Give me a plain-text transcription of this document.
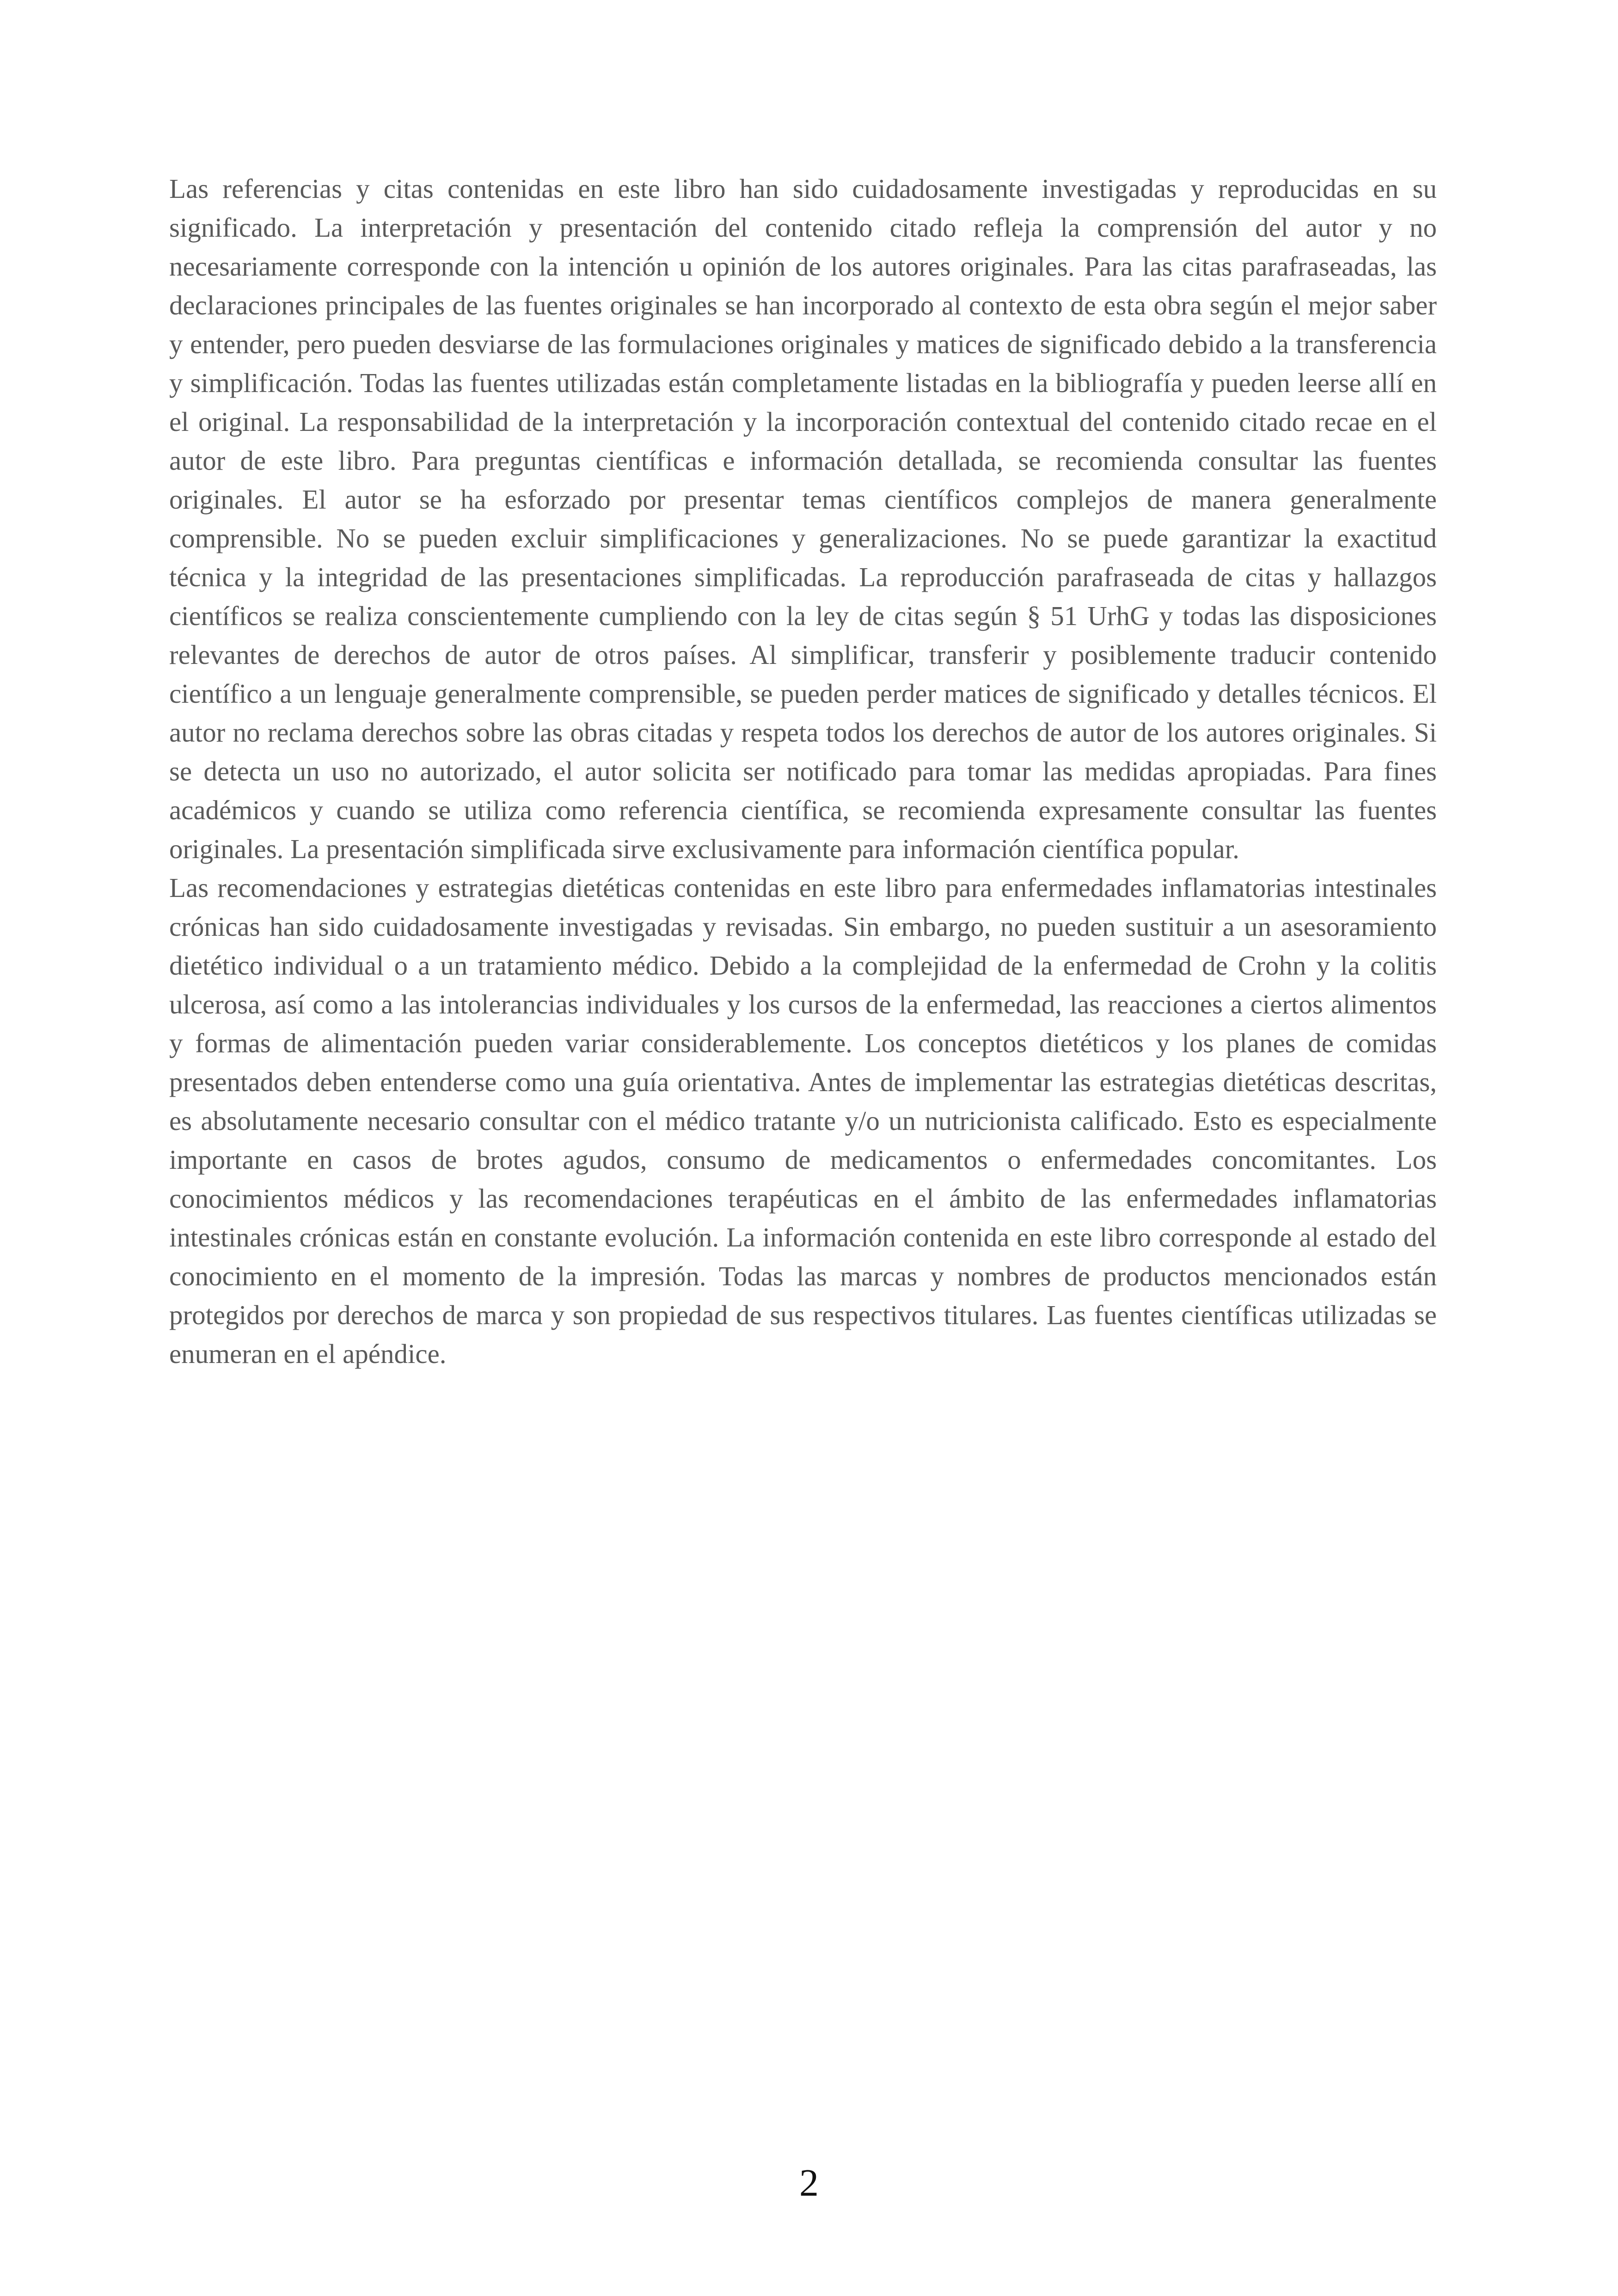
Las referencias y citas contenidas en este libro han sido cuidadosamente investigadas y reproducidas en su significado. La interpretación y presentación del contenido citado refleja la comprensión del autor y no necesariamente corresponde con la intención u opinión de los autores originales. Para las citas parafraseadas, las declaraciones principales de las fuentes originales se han incorporado al contexto de esta obra según el mejor saber y entender, pero pueden desviarse de las formulaciones originales y matices de significado debido a la transferencia y simplificación. Todas las fuentes utilizadas están completamente listadas en la bibliografía y pueden leerse allí en el original. La responsabilidad de la interpretación y la incorporación contextual del contenido citado recae en el autor de este libro. Para preguntas científicas e información detallada, se recomienda consultar las fuentes originales. El autor se ha esforzado por presentar temas científicos complejos de manera generalmente comprensible. No se pueden excluir simplificaciones y generalizaciones. No se puede garantizar la exactitud técnica y la integridad de las presentaciones simplificadas. La reproducción parafraseada de citas y hallazgos científicos se realiza conscientemente cumpliendo con la ley de citas según § 51 UrhG y todas las disposiciones relevantes de derechos de autor de otros países. Al simplificar, transferir y posiblemente traducir contenido científico a un lenguaje generalmente comprensible, se pueden perder matices de significado y detalles técnicos. El autor no reclama derechos sobre las obras citadas y respeta todos los derechos de autor de los autores originales. Si se detecta un uso no autorizado, el autor solicita ser notificado para tomar las medidas apropiadas. Para fines académicos y cuando se utiliza como referencia científica, se recomienda expresamente consultar las fuentes originales. La presentación simplificada sirve exclusivamente para información científica popular.

Las recomendaciones y estrategias dietéticas contenidas en este libro para enfermedades inflamatorias intestinales crónicas han sido cuidadosamente investigadas y revisadas. Sin embargo, no pueden sustituir a un asesoramiento dietético individual o a un tratamiento médico. Debido a la complejidad de la enfermedad de Crohn y la colitis ulcerosa, así como a las intolerancias individuales y los cursos de la enfermedad, las reacciones a ciertos alimentos y formas de alimentación pueden variar considerablemente. Los conceptos dietéticos y los planes de comidas presentados deben entenderse como una guía orientativa. Antes de implementar las estrategias dietéticas descritas, es absolutamente necesario consultar con el médico tratante y/o un nutricionista calificado. Esto es especialmente importante en casos de brotes agudos, consumo de medicamentos o enfermedades concomitantes. Los conocimientos médicos y las recomendaciones terapéuticas en el ámbito de las enfermedades inflamatorias intestinales crónicas están en constante evolución. La información contenida en este libro corresponde al estado del conocimiento en el momento de la impresión. Todas las marcas y nombres de productos mencionados están protegidos por derechos de marca y son propiedad de sus respectivos titulares. Las fuentes científicas utilizadas se enumeran en el apéndice.

2
